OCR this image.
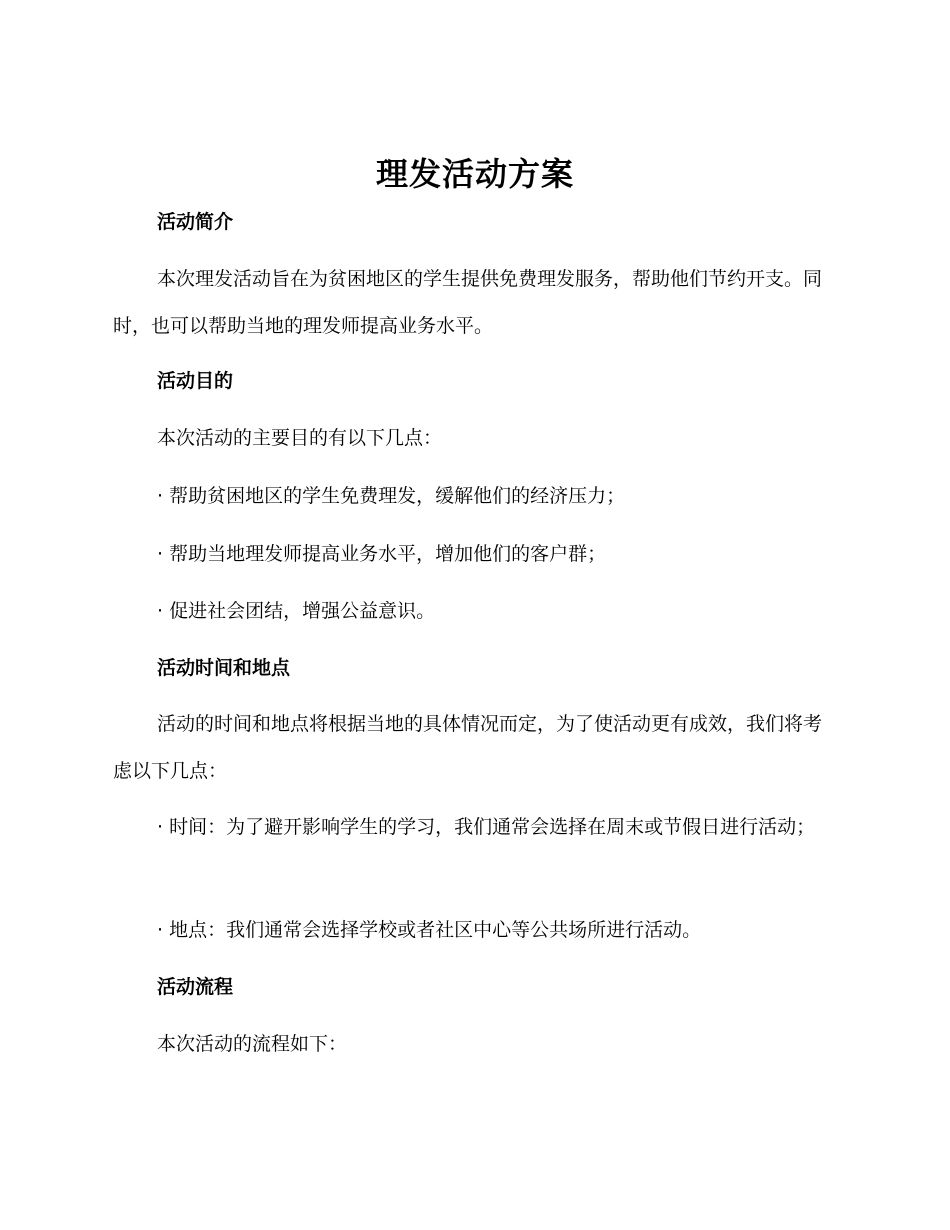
理发活动方案
活动简介
本次理发活动旨在为贫困地区的学生提供免费理发服务，帮助他们节约开支。同时，也可以帮助当地的理发师提高业务水平。
活动目的
本次活动的主要目的有以下几点：
· 帮助贫困地区的学生免费理发，缓解他们的经济压力；
· 帮助当地理发师提高业务水平，增加他们的客户群；
· 促进社会团结，增强公益意识。
活动时间和地点
活动的时间和地点将根据当地的具体情况而定，为了使活动更有成效，我们将考虑以下几点：
· 时间：为了避开影响学生的学习，我们通常会选择在周末或节假日进行活动；
· 地点：我们通常会选择学校或者社区中心等公共场所进行活动。
活动流程
本次活动的流程如下：
